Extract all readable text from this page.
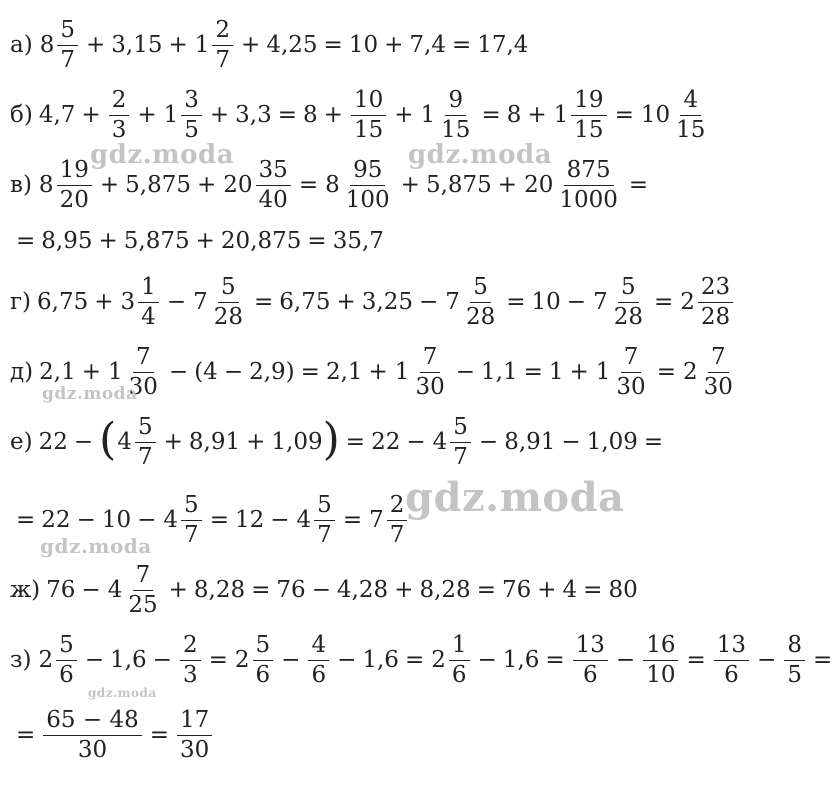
а) $8 \frac{5}{7} + 3,15 + 1 \frac{2}{7} + 4,25 = 10 + 7,4 = 17,4$
б) $4,7 + \frac{2}{3} + 1 \frac{3}{5} + 3,3 = 8 + \frac{10}{15} + 1 \frac{9}{15} = 8 + 1 \frac{19}{15} = 10 \frac{4}{15}$
в) $8 \frac{19}{20} + 5,875 + 20 \frac{35}{40} = 8 \frac{95}{100} + 5,875 + 20 \frac{875}{1000}$ =
= 8,95 + 5,875 + 20,875 = 35,7
г) $6,75 + 3 \frac{1}{4} - 7 \frac{5}{28} = 6,75 + 3,25 - 7 \frac{5}{28} = 10 - 7 \frac{5}{28} = 2 \frac{23}{28}$
д) $2,1 + 1 \frac{7}{30} - (4 - 2,9) = 2,1 + 1 \frac{7}{30} - 1,1 = 1 + 1 \frac{7}{30} = 2 \frac{7}{30}$
е) 22 − ( $4 \frac{5}{7} + 8,91 + 1,09$ ) = $22 - 4 \frac{5}{7} - 8,91 - 1,09$ =
= $22 - 10 - 4 \frac{5}{7} = 12 - 4 \frac{5}{7} = 7 \frac{2}{7}$
ж) $76 - 4 \frac{7}{25} + 8,28 = 76 - 4,28 + 8,28 = 76 + 4 = 80$
з) $2 \frac{5}{6} - 1,6 - \frac{2}{3} = 2 \frac{5}{6} - \frac{4}{6} - 1,6 = 2 \frac{1}{6} - 1,6 = \frac{13}{6} - \frac{16}{10} = \frac{13}{6} - \frac{8}{5}$ =
= $\frac{65 - 48}{30} = \frac{17}{30}$
gdz.moda	gdz.moda
gdz.moda
gdz.moda
gdz.moda
gdz.moda
